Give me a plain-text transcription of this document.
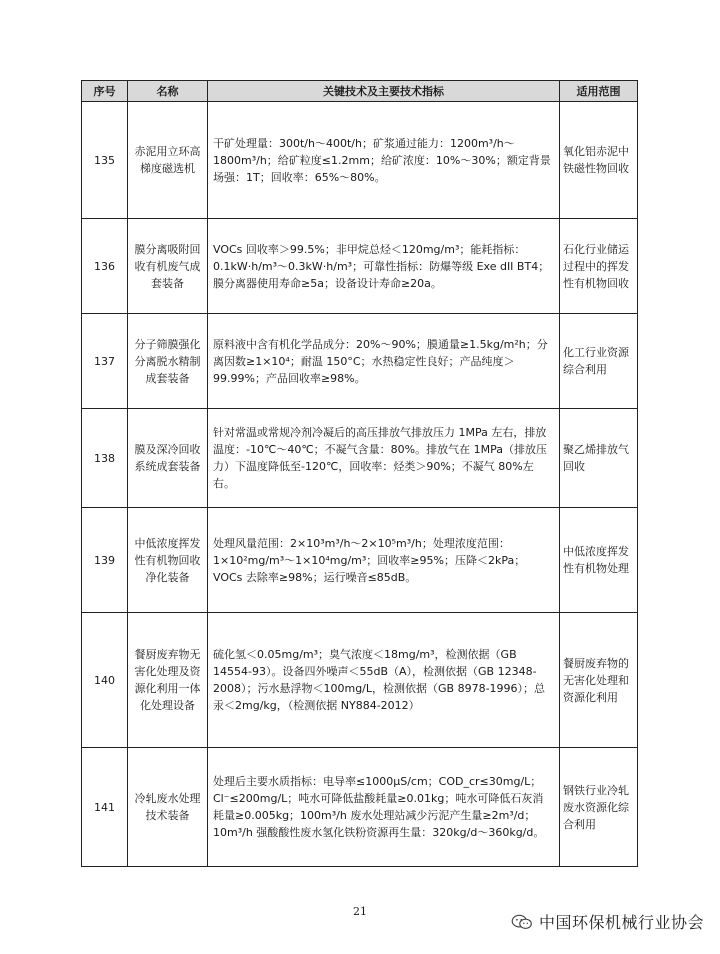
序号	名称	关键技术及主要技术指标	适用范围
135	赤泥用立环高梯度磁选机	干矿处理量：300t/h～400t/h；矿浆通过能力：1200m³/h～1800m³/h；给矿粒度≤1.2mm；给矿浓度：10%～30%；额定背景场强：1T；回收率：65%～80%。	氧化铝赤泥中铁磁性物回收
136	膜分离吸附回收有机废气成套装备	VOCs 回收率＞99.5%；非甲烷总烃＜120mg/m³；能耗指标：0.1kW·h/m³～0.3kW·h/m³；可靠性指标：防爆等级 Exe dII BT4；膜分离器使用寿命≥5a；设备设计寿命≥20a。	石化行业储运过程中的挥发性有机物回收
137	分子筛膜强化分离脱水精制成套装备	原料液中含有机化学品成分：20%～90%；膜通量≥1.5kg/m²h；分离因数≥1×10⁴；耐温 150°C；水热稳定性良好；产品纯度＞99.99%；产品回收率≥98%。	化工行业资源综合利用
138	膜及深冷回收系统成套装备	针对常温或常规冷剂冷凝后的高压排放气排放压力 1MPa 左右，排放温度：-10℃～40℃；不凝气含量：80%。排放气在 1MPa（排放压力）下温度降低至-120℃，回收率：烃类＞90%；不凝气 80%左右。	聚乙烯排放气回收
139	中低浓度挥发性有机物回收净化装备	处理风量范围：2×10³m³/h～2×10⁵m³/h；处理浓度范围：1×10²mg/m³～1×10⁴mg/m³；回收率≥95%；压降＜2kPa；VOCs 去除率≥98%；运行噪音≤85dB。	中低浓度挥发性有机物处理
140	餐厨废弃物无害化处理及资源化利用一体化处理设备	硫化氢＜0.05mg/m³；臭气浓度＜18mg/m³，检测依据（GB 14554-93）。设备四外噪声＜55dB（A），检测依据（GB 12348-2008）；污水悬浮物＜100mg/L，检测依据（GB 8978-1996）；总汞＜2mg/kg，（检测依据 NY884-2012）	餐厨废弃物的无害化处理和资源化利用
141	冷轧废水处理技术装备	处理后主要水质指标：电导率≤1000μS/cm；COD_cr≤30mg/L；Cl⁻≤200mg/L；吨水可降低盐酸耗量≥0.01kg；吨水可降低石灰消耗量≥0.005kg；100m³/h 废水处理站减少污泥产生量≥2m³/d；10m³/h 强酸酸性废水氢化铁粉资源再生量：320kg/d～360kg/d。	钢铁行业冷轧废水资源化综合利用
21
中国环保机械行业协会
